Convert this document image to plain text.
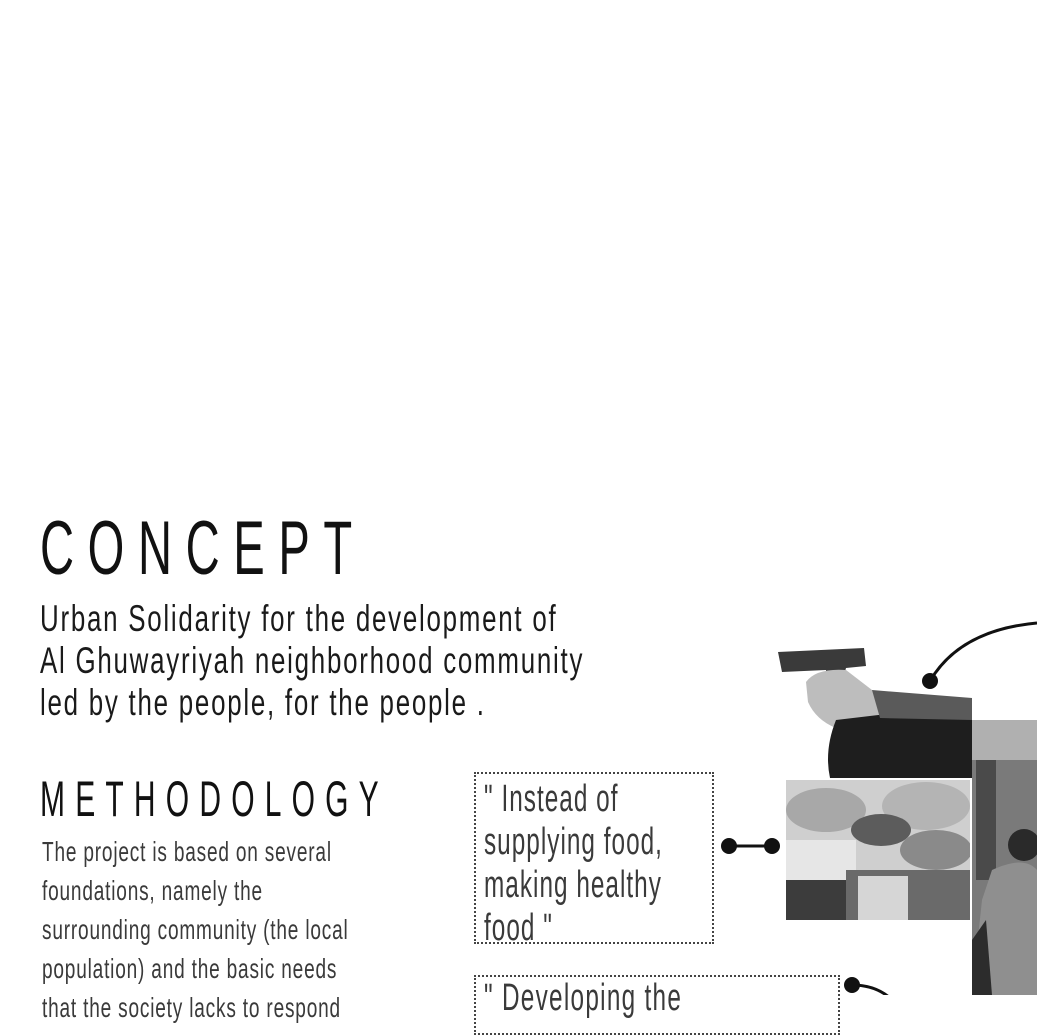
CONCEPT
Urban Solidarity for the development of
Al Ghuwayriyah neighborhood community
led by the people, for the people .
METHODOLOGY
The project is based on several
foundations, namely the
surrounding community (the local
population) and the basic needs
that the society lacks to respond
" Instead of
supplying food,
making healthy
food "
" Developing the
